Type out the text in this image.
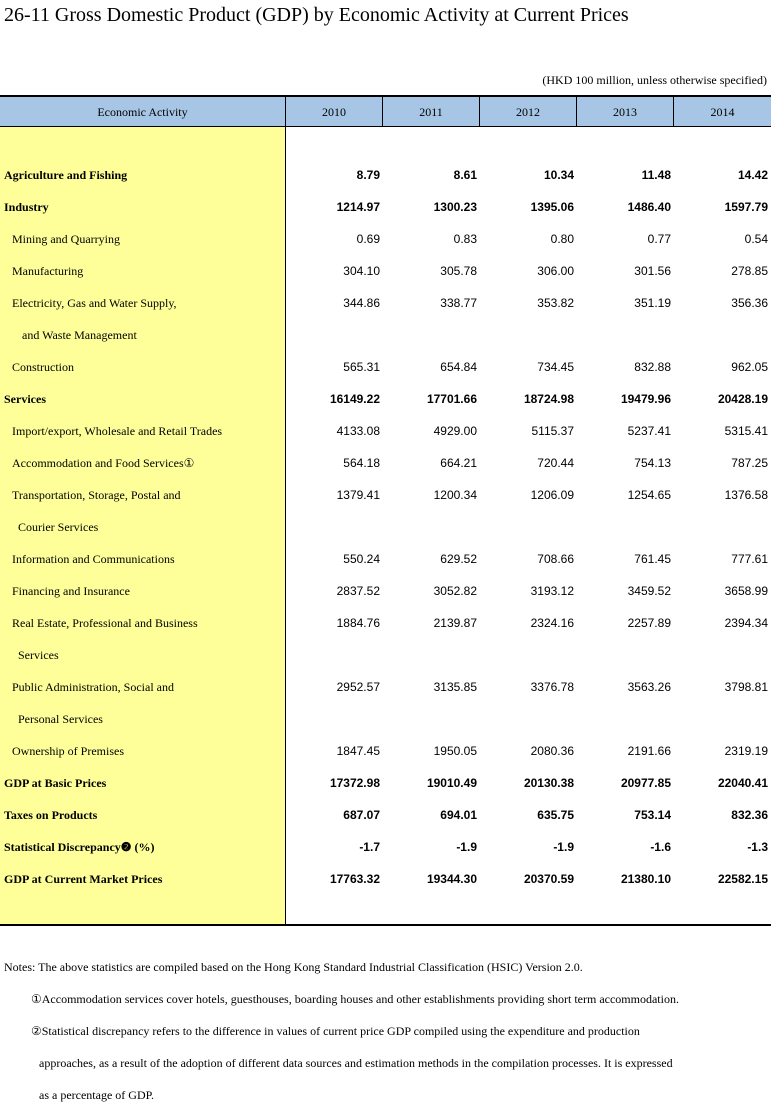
26-11 Gross Domestic Product (GDP) by Economic Activity at Current Prices
(HKD 100 million, unless otherwise specified)
Economic Activity	2010	2011	2012	2013	2014
Agriculture and Fishing	8.79	8.61	10.34	11.48	14.42
Industry	1214.97	1300.23	1395.06	1486.40	1597.79
Mining and Quarrying	0.69	0.83	0.80	0.77	0.54
Manufacturing	304.10	305.78	306.00	301.56	278.85
Electricity, Gas and Water Supply,	344.86	338.77	353.82	351.19	356.36
and Waste Management
Construction	565.31	654.84	734.45	832.88	962.05
Services	16149.22	17701.66	18724.98	19479.96	20428.19
Import/export, Wholesale and Retail Trades	4133.08	4929.00	5115.37	5237.41	5315.41
Accommodation and Food Services①	564.18	664.21	720.44	754.13	787.25
Transportation, Storage, Postal and	1379.41	1200.34	1206.09	1254.65	1376.58
Courier Services
Information and Communications	550.24	629.52	708.66	761.45	777.61
Financing and Insurance	2837.52	3052.82	3193.12	3459.52	3658.99
Real Estate, Professional and Business	1884.76	2139.87	2324.16	2257.89	2394.34
Services
Public Administration, Social and	2952.57	3135.85	3376.78	3563.26	3798.81
Personal Services
Ownership of Premises	1847.45	1950.05	2080.36	2191.66	2319.19
GDP at Basic Prices	17372.98	19010.49	20130.38	20977.85	22040.41
Taxes on Products	687.07	694.01	635.75	753.14	832.36
Statistical Discrepancy❷ (%)	-1.7	-1.9	-1.9	-1.6	-1.3
GDP at Current Market Prices	17763.32	19344.30	20370.59	21380.10	22582.15
Notes: The above statistics are compiled based on the Hong Kong Standard Industrial Classification (HSIC) Version 2.0.
①Accommodation services cover hotels, guesthouses, boarding houses and other establishments providing short term accommodation.
②Statistical discrepancy refers to the difference in values of current price GDP compiled using the expenditure and production
approaches, as a result of the adoption of different data sources and estimation methods in the compilation processes. It is expressed
as a percentage of GDP.
